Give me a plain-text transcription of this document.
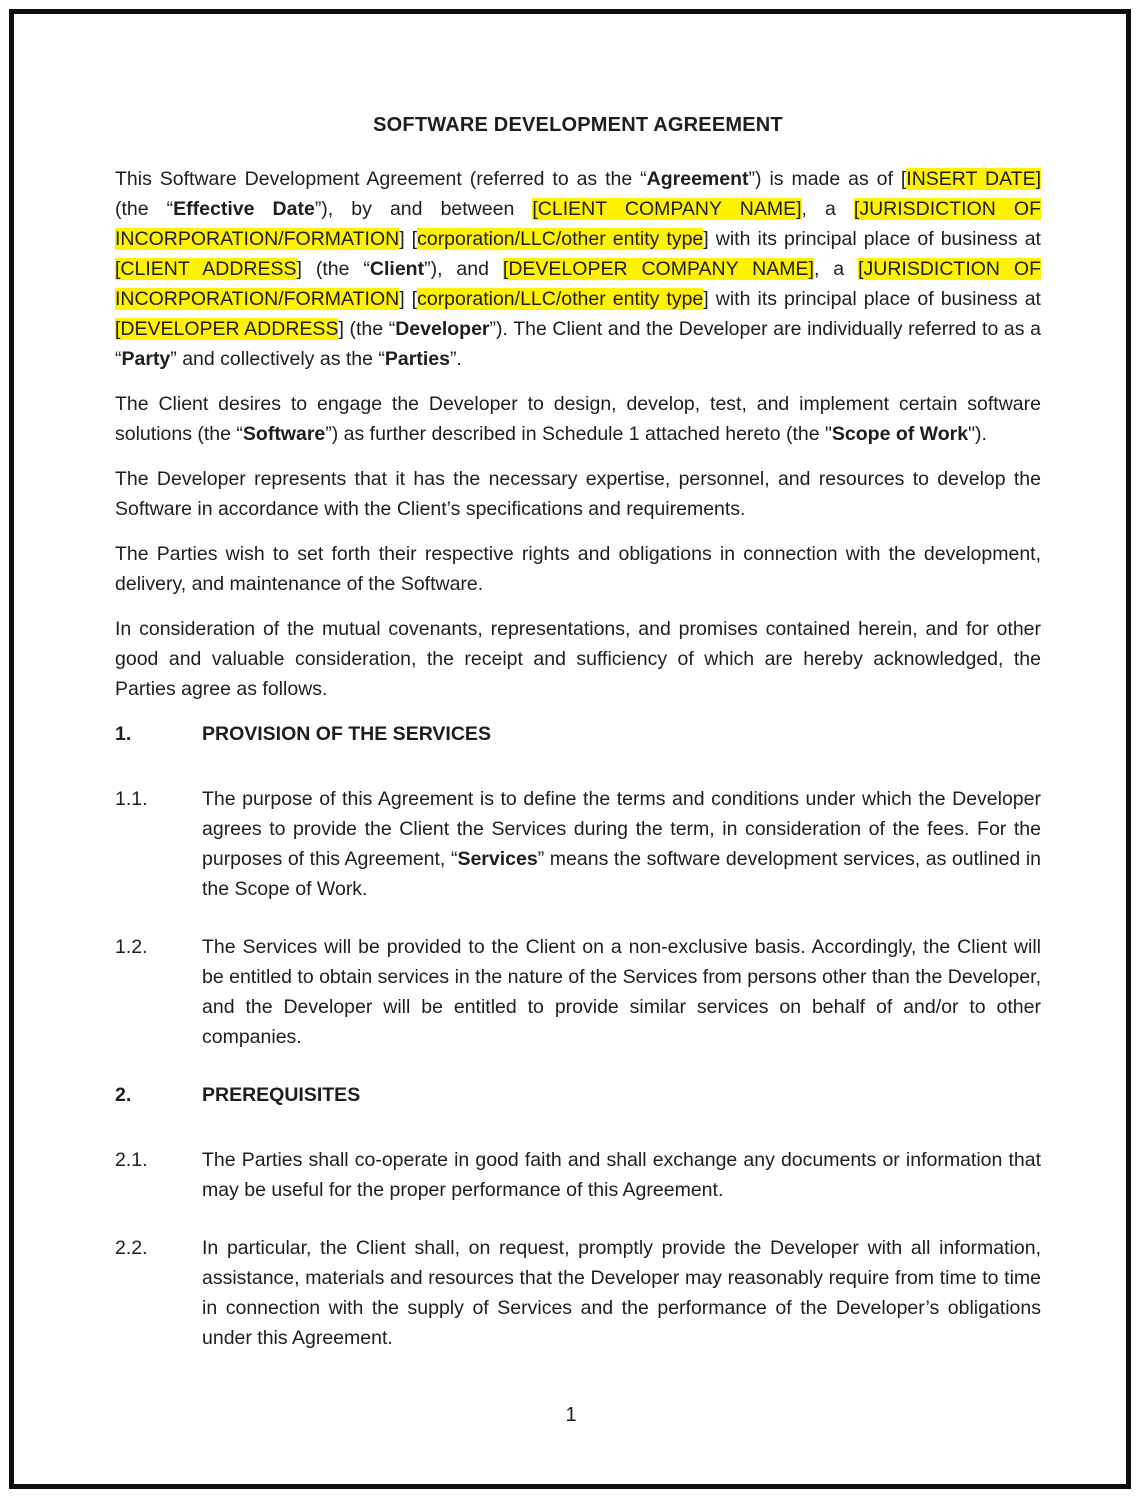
SOFTWARE DEVELOPMENT AGREEMENT

This Software Development Agreement (referred to as the “Agreement”) is made as of [INSERT DATE] (the “Effective Date”), by and between [CLIENT COMPANY NAME], a [JURISDICTION OF INCORPORATION/FORMATION] [corporation/LLC/other entity type] with its principal place of business at [CLIENT ADDRESS] (the “Client”), and [DEVELOPER COMPANY NAME], a [JURISDICTION OF INCORPORATION/FORMATION] [corporation/LLC/other entity type] with its principal place of business at [DEVELOPER ADDRESS] (the “Developer”). The Client and the Developer are individually referred to as a “Party” and collectively as the “Parties”.

The Client desires to engage the Developer to design, develop, test, and implement certain software solutions (the “Software”) as further described in Schedule 1 attached hereto (the "Scope of Work").

The Developer represents that it has the necessary expertise, personnel, and resources to develop the Software in accordance with the Client’s specifications and requirements.

The Parties wish to set forth their respective rights and obligations in connection with the development, delivery, and maintenance of the Software.

In consideration of the mutual covenants, representations, and promises contained herein, and for other good and valuable consideration, the receipt and sufficiency of which are hereby acknowledged, the Parties agree as follows.

1.	PROVISION OF THE SERVICES
1.1.	The purpose of this Agreement is to define the terms and conditions under which the Developer agrees to provide the Client the Services during the term, in consideration of the fees. For the purposes of this Agreement, “Services” means the software development services, as outlined in the Scope of Work.
1.2.	The Services will be provided to the Client on a non-exclusive basis. Accordingly, the Client will be entitled to obtain services in the nature of the Services from persons other than the Developer, and the Developer will be entitled to provide similar services on behalf of and/or to other companies.
2.	PREREQUISITES
2.1.	The Parties shall co-operate in good faith and shall exchange any documents or information that may be useful for the proper performance of this Agreement.
2.2.	In particular, the Client shall, on request, promptly provide the Developer with all information, assistance, materials and resources that the Developer may reasonably require from time to time in connection with the supply of Services and the performance of the Developer’s obligations under this Agreement.
1
